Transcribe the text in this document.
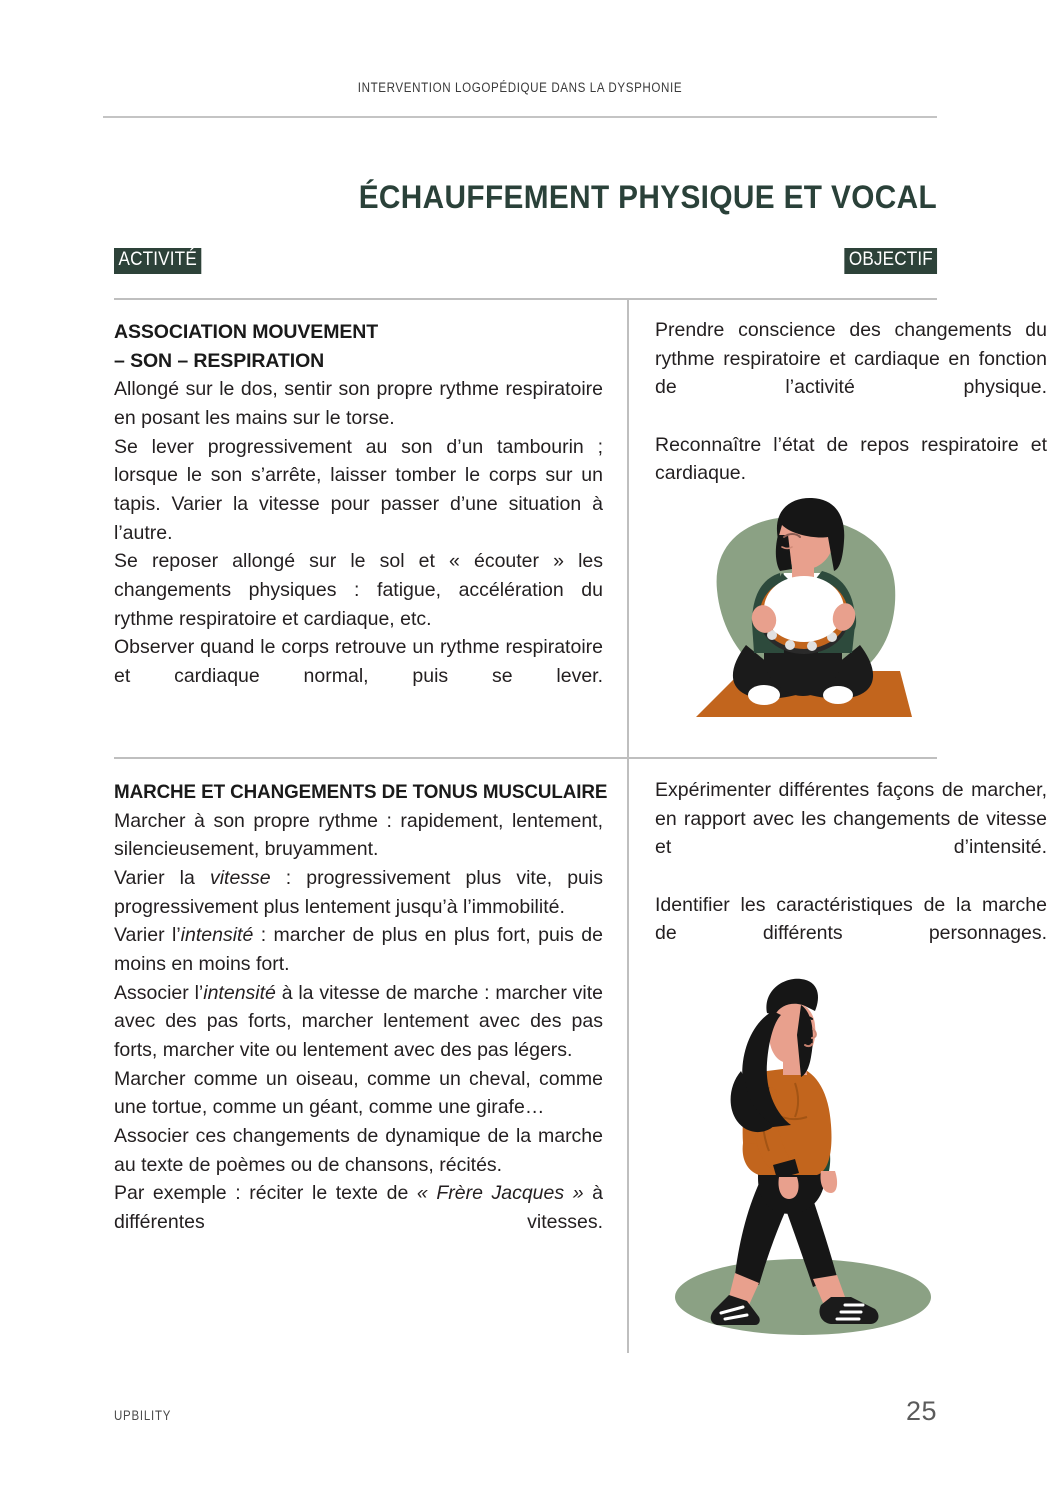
INTERVENTION LOGOPÉDIQUE DANS LA DYSPHONIE
ÉCHAUFFEMENT PHYSIQUE ET VOCAL
ACTIVITÉ	OBJECTIF
ASSOCIATION MOUVEMENT
– SON – RESPIRATION

Allongé sur le dos, sentir son propre rythme respiratoire en posant les mains sur le torse.

Se lever progressivement au son d’un tambourin ; lorsque le son s’arrête, laisser tomber le corps sur un tapis. Varier la vitesse pour passer d’une situation à l’autre.

Se reposer allongé sur le sol et « écouter » les changements physiques : fatigue, accélération du rythme respiratoire et cardiaque, etc.

Observer quand le corps retrouve un rythme respiratoire et cardiaque normal, puis se lever.

Prendre conscience des changements du rythme respiratoire et cardiaque en fonction de l’activité physique.

Reconnaître l’état de repos respiratoire et cardiaque.

MARCHE ET CHANGEMENTS DE TONUS MUSCULAIRE

Marcher à son propre rythme : rapidement, lentement, silencieusement, bruyamment.

Varier la vitesse : progressivement plus vite, puis progressivement plus lentement jusqu’à l’immobilité.

Varier l’intensité : marcher de plus en plus fort, puis de moins en moins fort.

Associer l’intensité à la vitesse de marche : marcher vite avec des pas forts, marcher lentement avec des pas forts, marcher vite ou lentement avec des pas légers.

Marcher comme un oiseau, comme un cheval, comme une tortue, comme un géant, comme une girafe…

Associer ces changements de dynamique de la marche au texte de poèmes ou de chansons, récités.

Par exemple : réciter le texte de « Frère Jacques » à différentes vitesses.

Expérimenter différentes façons de marcher, en rapport avec les changements de vitesse et d’intensité.

Identifier les caractéristiques de la marche de différents personnages.

UPBILITY	25
